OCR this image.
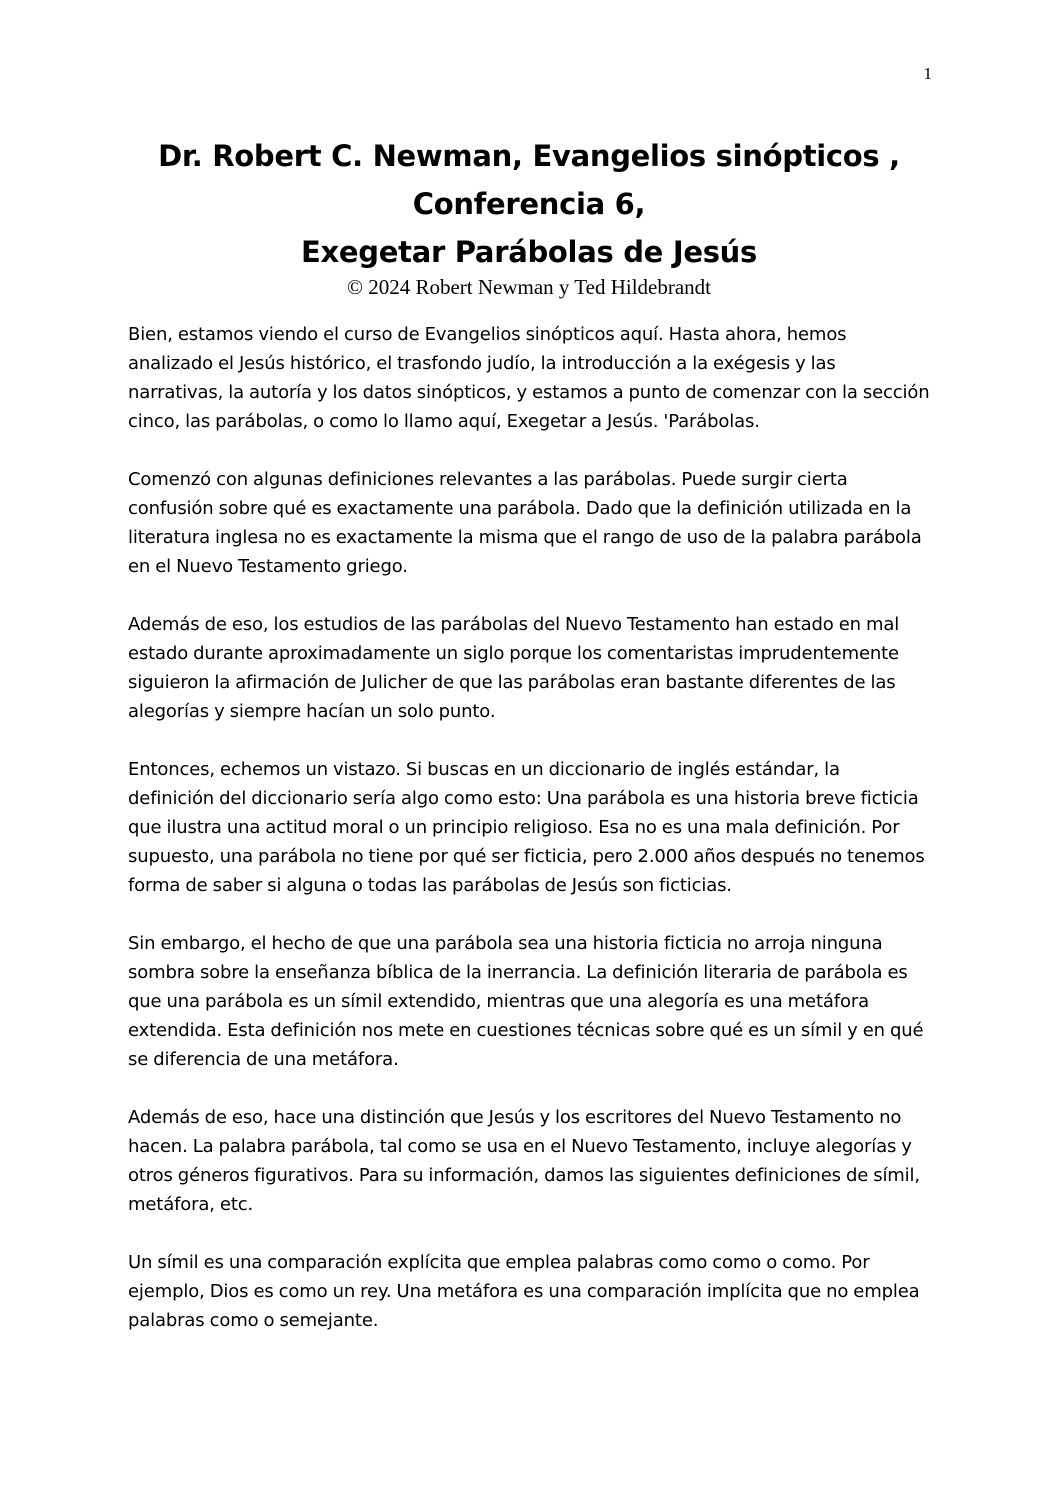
1
Dr. Robert C. Newman, Evangelios sinópticos ,
Conferencia 6,
Exegetar Parábolas de Jesús
© 2024 Robert Newman y Ted Hildebrandt

Bien, estamos viendo el curso de Evangelios sinópticos aquí. Hasta ahora, hemos analizado el Jesús histórico, el trasfondo judío, la introducción a la exégesis y las narrativas, la autoría y los datos sinópticos, y estamos a punto de comenzar con la sección cinco, las parábolas, o como lo llamo aquí, Exegetar a Jesús. 'Parábolas.

Comenzó con algunas definiciones relevantes a las parábolas. Puede surgir cierta confusión sobre qué es exactamente una parábola. Dado que la definición utilizada en la literatura inglesa no es exactamente la misma que el rango de uso de la palabra parábola en el Nuevo Testamento griego.

Además de eso, los estudios de las parábolas del Nuevo Testamento han estado en mal estado durante aproximadamente un siglo porque los comentaristas imprudentemente siguieron la afirmación de Julicher de que las parábolas eran bastante diferentes de las alegorías y siempre hacían un solo punto.

Entonces, echemos un vistazo. Si buscas en un diccionario de inglés estándar, la definición del diccionario sería algo como esto: Una parábola es una historia breve ficticia que ilustra una actitud moral o un principio religioso. Esa no es una mala definición. Por supuesto, una parábola no tiene por qué ser ficticia, pero 2.000 años después no tenemos forma de saber si alguna o todas las parábolas de Jesús son ficticias.

Sin embargo, el hecho de que una parábola sea una historia ficticia no arroja ninguna sombra sobre la enseñanza bíblica de la inerrancia. La definición literaria de parábola es que una parábola es un símil extendido, mientras que una alegoría es una metáfora extendida. Esta definición nos mete en cuestiones técnicas sobre qué es un símil y en qué se diferencia de una metáfora.

Además de eso, hace una distinción que Jesús y los escritores del Nuevo Testamento no hacen. La palabra parábola, tal como se usa en el Nuevo Testamento, incluye alegorías y otros géneros figurativos. Para su información, damos las siguientes definiciones de símil, metáfora, etc.

Un símil es una comparación explícita que emplea palabras como como o como. Por ejemplo, Dios es como un rey. Una metáfora es una comparación implícita que no emplea palabras como o semejante.
